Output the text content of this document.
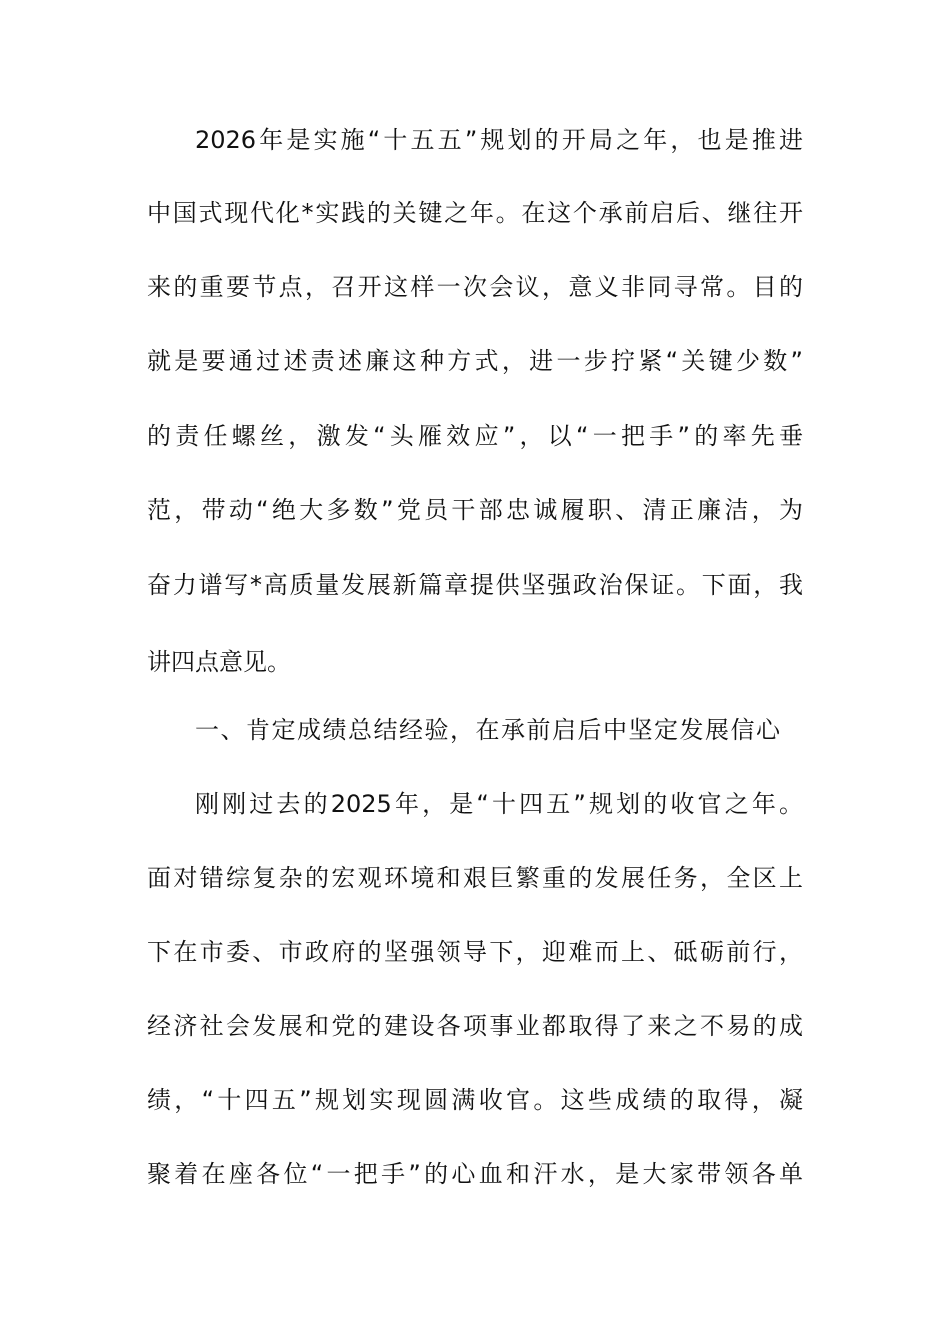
2026年是实施“十五五”规划的开局之年，也是推进
中国式现代化*实践的关键之年。在这个承前启后、继往开
来的重要节点，召开这样一次会议，意义非同寻常。目的
就是要通过述责述廉这种方式，进一步拧紧“关键少数”
的责任螺丝，激发“头雁效应”，以“一把手”的率先垂
范，带动“绝大多数”党员干部忠诚履职、清正廉洁，为
奋力谱写*高质量发展新篇章提供坚强政治保证。下面，我
讲四点意见。
一、肯定成绩总结经验，在承前启后中坚定发展信心
刚刚过去的2025年，是“十四五”规划的收官之年。
面对错综复杂的宏观环境和艰巨繁重的发展任务，全区上
下在市委、市政府的坚强领导下，迎难而上、砥砺前行，
经济社会发展和党的建设各项事业都取得了来之不易的成
绩，“十四五”规划实现圆满收官。这些成绩的取得，凝
聚着在座各位“一把手”的心血和汗水，是大家带领各单
